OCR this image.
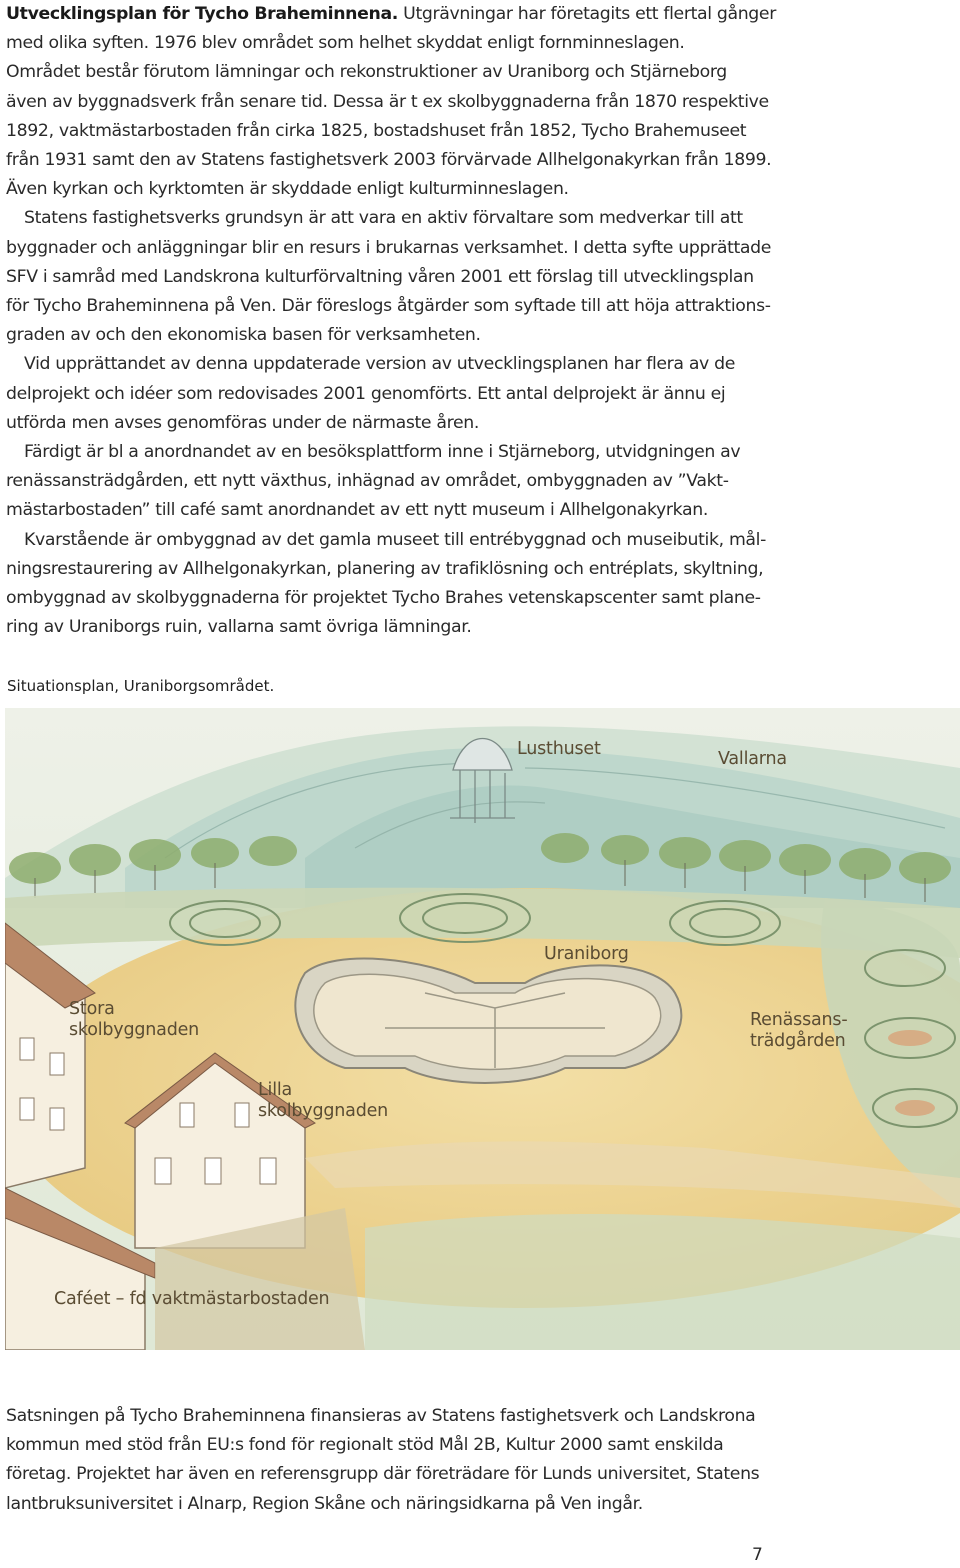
Utvecklingsplan för Tycho Braheminnena. Utgrävningar har företagits ett flertal gånger
med olika syften. 1976 blev området som helhet skyddat enligt fornminneslagen.
Området består förutom lämningar och rekonstruktioner av Uraniborg och Stjärneborg
även av byggnadsverk från senare tid. Dessa är t ex skolbyggnaderna från 1870 respektive
1892, vaktmästarbostaden från cirka 1825, bostadshuset från 1852, Tycho Brahemuseet
från 1931 samt den av Statens fastighetsverk 2003 förvärvade Allhelgonakyrkan från 1899.
Även kyrkan och kyrktomten är skyddade enligt kulturminneslagen.
Statens fastighetsverks grundsyn är att vara en aktiv förvaltare som medverkar till att
byggnader och anläggningar blir en resurs i brukarnas verksamhet. I detta syfte upprättade
SFV i samråd med Landskrona kulturförvaltning våren 2001 ett förslag till utvecklingsplan
för Tycho Braheminnena på Ven. Där föreslogs åtgärder som syftade till att höja attraktions-
graden av och den ekonomiska basen för verksamheten.
Vid upprättandet av denna uppdaterade version av utvecklingsplanen har flera av de
delprojekt och idéer som redovisades 2001 genomförts. Ett antal delprojekt är ännu ej
utförda men avses genomföras under de närmaste åren.
Färdigt är bl a anordnandet av en besöksplattform inne i Stjärneborg, utvidgningen av
renässansträdgården, ett nytt växthus, inhägnad av området, ombyggnaden av ”Vakt-
mästarbostaden” till café samt anordnandet av ett nytt museum i Allhelgonakyrkan.
Kvarstående är ombyggnad av det gamla museet till entrébyggnad och museibutik, mål-
ningsrestaurering av Allhelgonakyrkan, planering av trafiklösning och entréplats, skyltning,
ombyggnad av skolbyggnaderna för projektet Tycho Brahes vetenskapscenter samt plane-
ring av Uraniborgs ruin, vallarna samt övriga lämningar.
Situationsplan, Uraniborgsområdet.
Lusthuset	Vallarna
Uraniborg
Stora
skolbyggnaden	Renässans-
trädgården
Lilla
skolbyggnaden
Caféet – fd vaktmästarbostaden
Satsningen på Tycho Braheminnena finansieras av Statens fastighetsverk och Landskrona
kommun med stöd från EU:s fond för regionalt stöd Mål 2B, Kultur 2000 samt enskilda
företag. Projektet har även en referensgrupp där företrädare för Lunds universitet, Statens
lantbruksuniversitet i Alnarp, Region Skåne och näringsidkarna på Ven ingår.
7
